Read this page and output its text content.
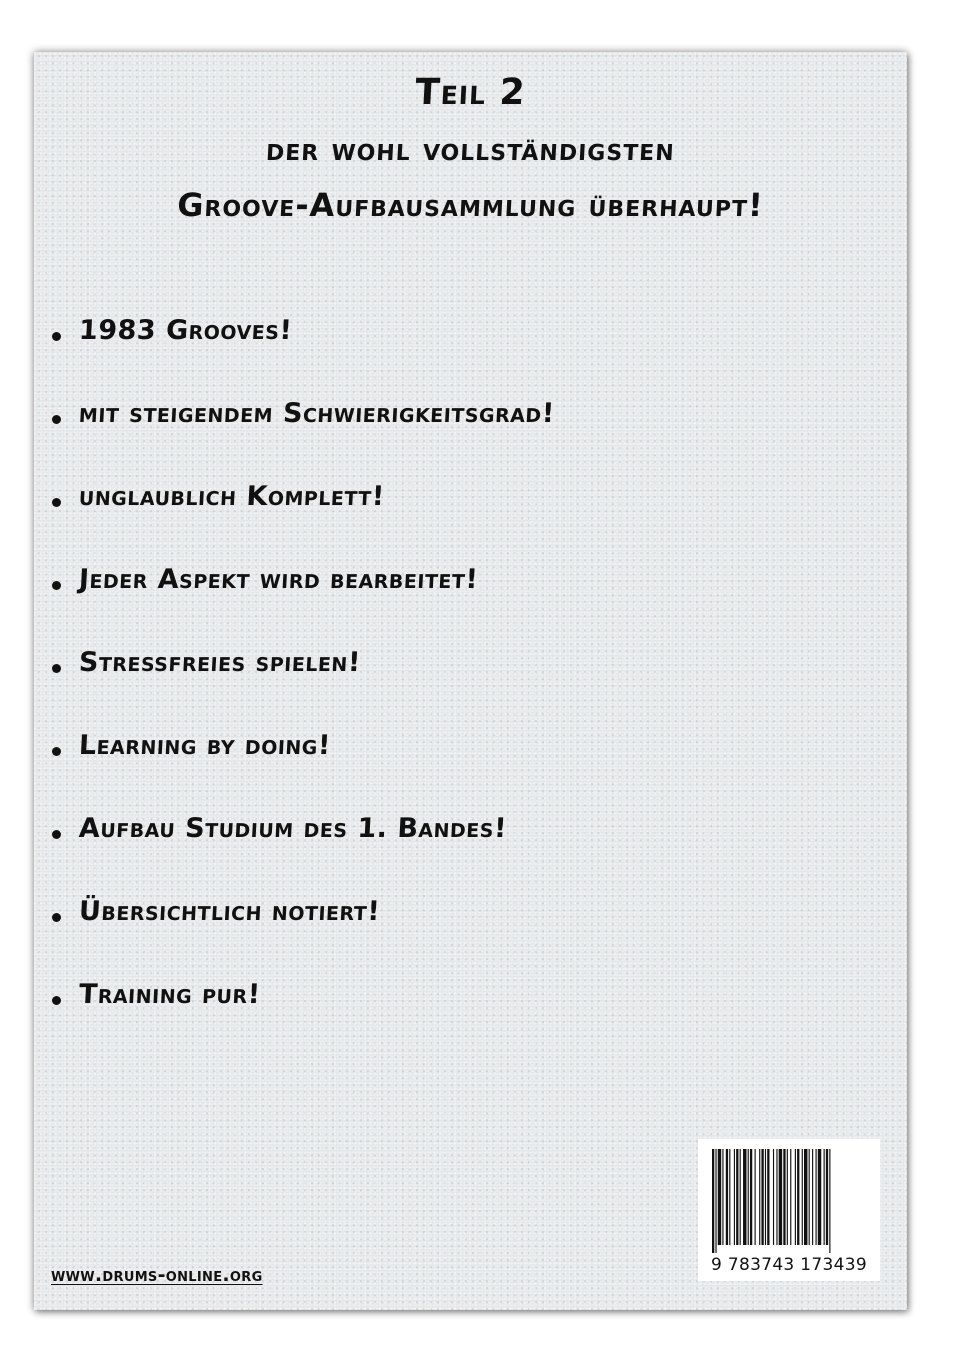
Teil 2
der wohl vollständigsten
Groove-Aufbausammlung überhaupt!
1983 Grooves!
mit steigendem Schwierigkeitsgrad!
unglaublich Komplett!
Jeder Aspekt wird bearbeitet!
Stressfreies spielen!
Learning by doing!
Aufbau Studium des 1. Bandes!
Übersichtlich notiert!
Training pur!
www.drums-online.org	9 783743 173439
